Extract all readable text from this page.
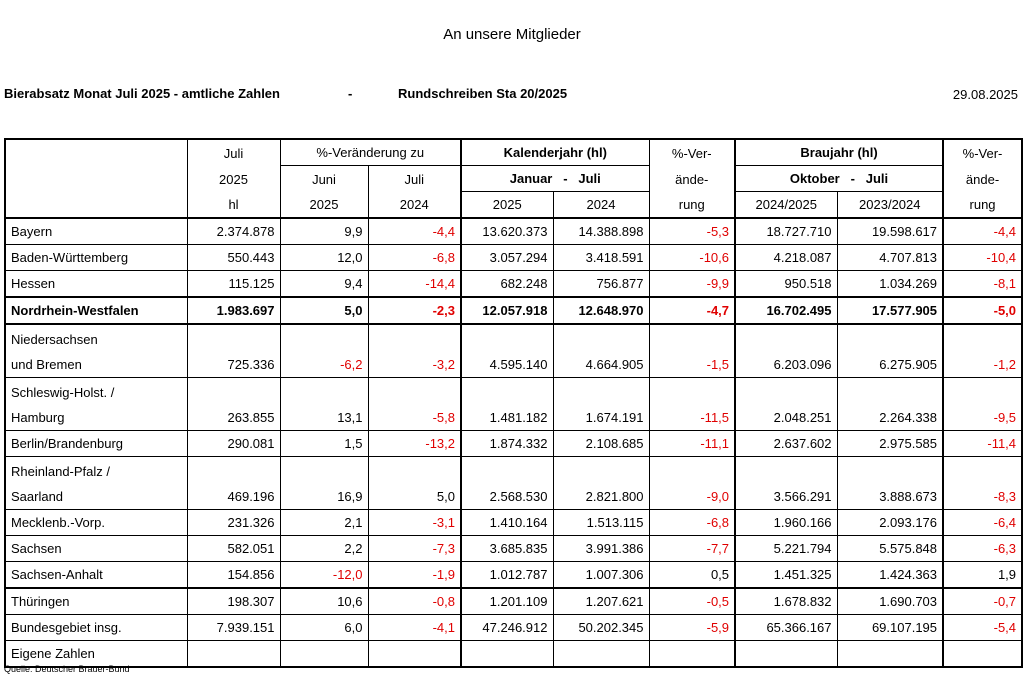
An unsere Mitglieder
Bierabsatz Monat Juli 2025 - amtliche Zahlen	-	Rundschreiben Sta 20/2025	29.08.2025
	Juli	%-Veränderung zu		Kalenderjahr (hl)		%-Ver-	Braujahr (hl)		%-Ver-
	2025	Juni	Juli	Januar   -   Juli		ände-	Oktober   -   Juli		ände-
	hl	2025	2024	2025	2024	rung	2024/2025	2023/2024	rung
Bayern	2.374.878	9,9	-4,4	13.620.373	14.388.898	-5,3	18.727.710	19.598.617	-4,4
Baden-Württemberg	550.443	12,0	-6,8	3.057.294	3.418.591	-10,6	4.218.087	4.707.813	-10,4
Hessen	115.125	9,4	-14,4	682.248	756.877	-9,9	950.518	1.034.269	-8,1
Nordrhein-Westfalen	1.983.697	5,0	-2,3	12.057.918	12.648.970	-4,7	16.702.495	17.577.905	-5,0

Niedersachsen
und Bremen	725.336	-6,2	-3,2	4.595.140	4.664.905	-1,5	6.203.096	6.275.905	-1,2

Schleswig-Holst. /
Hamburg	263.855	13,1	-5,8	1.481.182	1.674.191	-11,5	2.048.251	2.264.338	-9,5
Berlin/Brandenburg	290.081	1,5	-13,2	1.874.332	2.108.685	-11,1	2.637.602	2.975.585	-11,4

Rheinland-Pfalz /
Saarland	469.196	16,9	5,0	2.568.530	2.821.800	-9,0	3.566.291	3.888.673	-8,3
Mecklenb.-Vorp.	231.326	2,1	-3,1	1.410.164	1.513.115	-6,8	1.960.166	2.093.176	-6,4
Sachsen	582.051	2,2	-7,3	3.685.835	3.991.386	-7,7	5.221.794	5.575.848	-6,3
Sachsen-Anhalt	154.856	-12,0	-1,9	1.012.787	1.007.306	0,5	1.451.325	1.424.363	1,9
Thüringen	198.307	10,6	-0,8	1.201.109	1.207.621	-0,5	1.678.832	1.690.703	-0,7
Bundesgebiet insg.	7.939.151	6,0	-4,1	47.246.912	50.202.345	-5,9	65.366.167	69.107.195	-5,4
Eigene Zahlen									
Quelle: Deutscher Brauer-Bund
